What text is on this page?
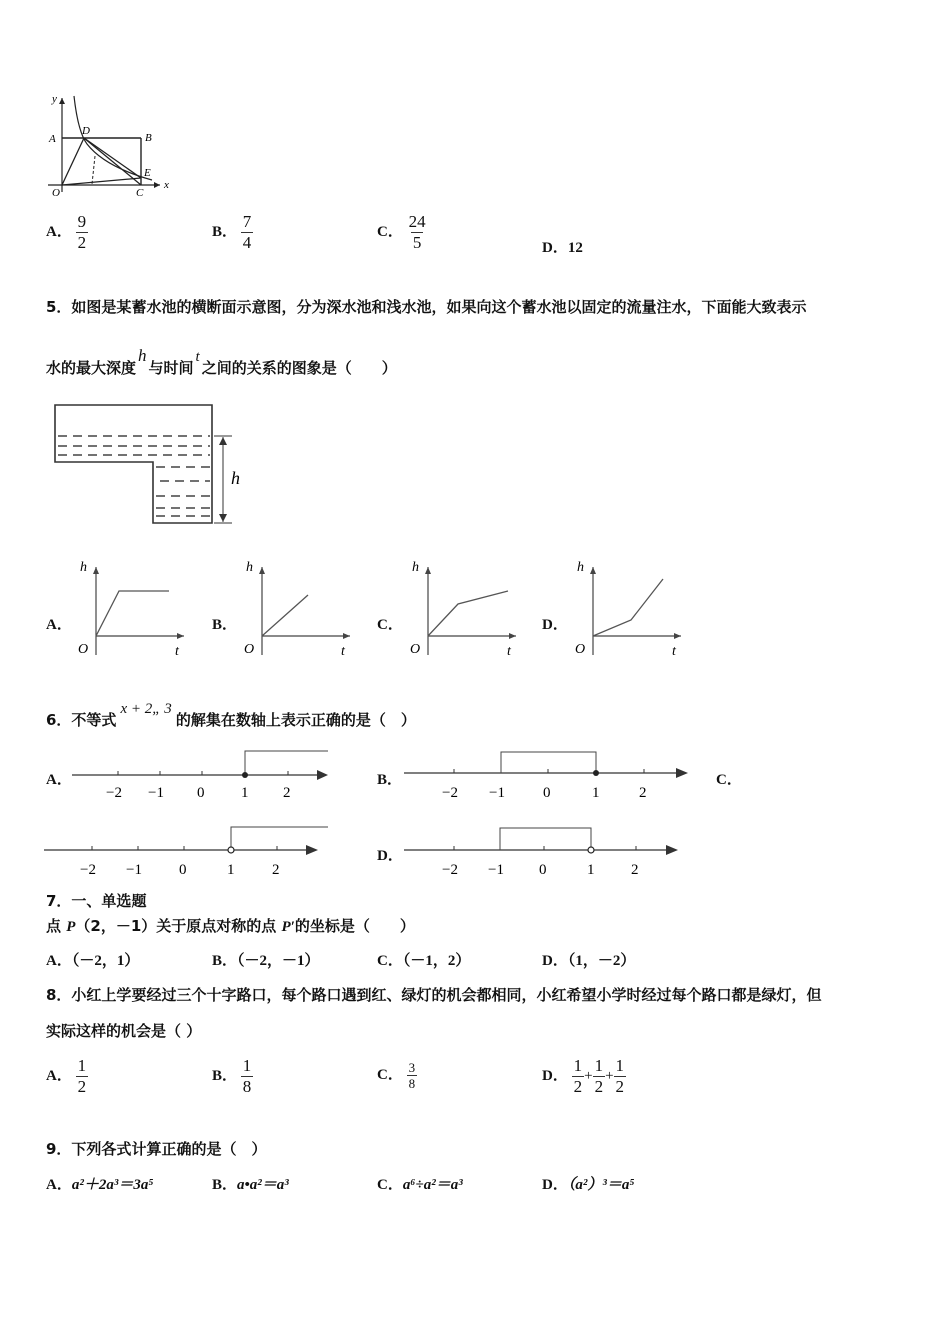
y
x
A	B
D
E
O	C
A． $\frac{9}{2}$	B． $\frac{7}{4}$	C． $\frac{24}{5}$	D．12
5．如图是某蓄水池的横断面示意图，分为深水池和浅水池，如果向这个蓄水池以固定的流量注水，下面能大致表示
水的最大深度h与时间t之间的关系的图象是（　　）
h
A．
h
O	t
B．
h
O	t
C．
h
O	t
D．
h
O	t
6．不等式x + 2„ 3的解集在数轴上表示正确的是（　）
A．
−2 −1 0 1 2
B．
−2 −1	0	1	2
C．
−2 −1 0	1	2
D．
−2 −1 0	1 2
7．一、单选题
点 P（2，－1）关于原点对称的点 P′的坐标是（　　）
A．（－2，1）	B．（－2，－1）	C．（－1，2）	D．（1，－2）
8．小红上学要经过三个十字路口，每个路口遇到红、绿灯的机会都相同，小红希望小学时经过每个路口都是绿灯，但
实际这样的机会是（ ）
A． $\frac{1}{2}$	B． $\frac{1}{8}$	C． $\frac{3}{8}$	D． $\frac{1}{2} + \frac{1}{2} + \frac{1}{2}$
9．下列各式计算正确的是（　）
A．a²＋2a³＝3a⁵	B．a•a²＝a³	C．a⁶÷a²＝a³	D．（a²）³＝a⁵
